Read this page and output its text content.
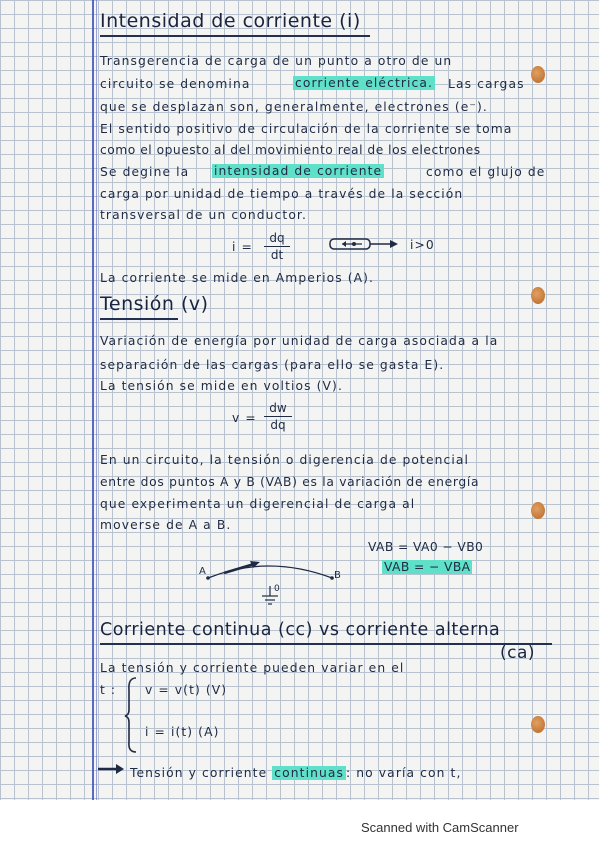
Intensidad de corriente (i)
Transgerencia de carga de un punto a otro de un
circuito se denomina	corriente eléctrica. Las cargas
que se desplazan son, generalmente, electrones (e⁻).
El sentido positivo de circulación de la corriente se toma
como el opuesto al del movimiento real de los electrones
Se degine la intensidad de corriente	como el glujo de
carga por unidad de tiempo a través de la sección
transversal de un conductor.
i =
dq
dt
i>0
La corriente se mide en Amperios (A).
Tensión (v)
Variación de energía por unidad de carga asociada a la
separación de las cargas (para ello se gasta E).
La tensión se mide en voltios (V).
v =
dw
dq
En un circuito, la tensión o digerencia de potencial
entre dos puntos A y B (VAB) es la variación de energía
que experimenta un digerencial de carga al
moverse de A a B.
VAB = VA0 − VB0
VAB = − VBA
A	B
0
Corriente continua (cc) vs corriente alterna
(ca)
La tensión y corriente pueden variar en el
t : v = v(t) (V)
i = i(t) (A)
Tensión y corriente continuas : no varía con t,
Scanned with CamScanner
